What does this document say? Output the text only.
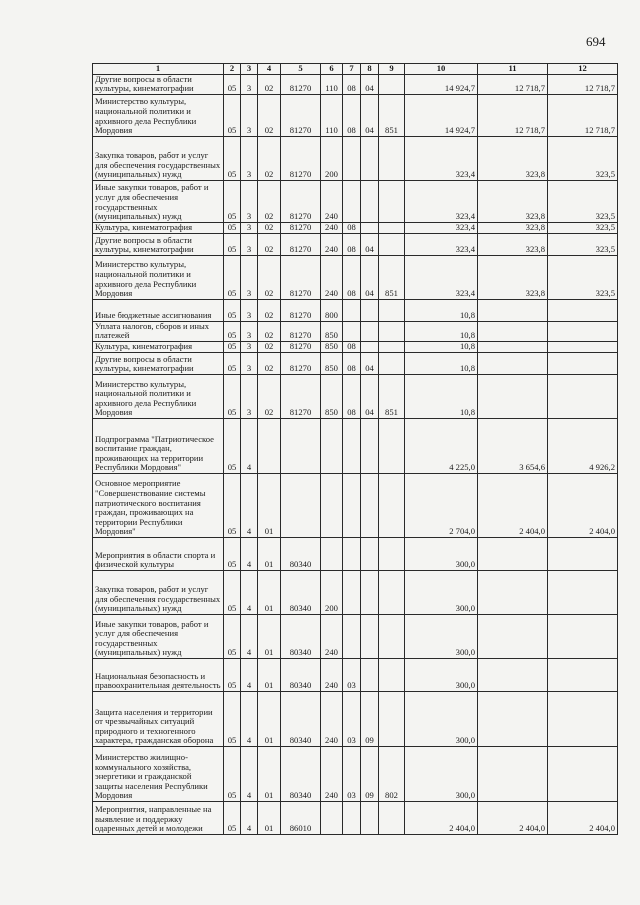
694
1	2	3	4	5	6	7	8	9	10	11	12
Другие вопросы в области культуры, кинематографии	05	3	02	81270	110	08	04		14 924,7	12 718,7	12 718,7
Министерство культуры, национальной политики и архивного дела Республики Мордовия	05	3	02	81270	110	08	04	851	14 924,7	12 718,7	12 718,7
Закупка товаров, работ и услуг для обеспечения государственных (муниципальных) нужд	05	3	02	81270	200				323,4	323,8	323,5
Иные закупки товаров, работ и услуг для обеспечения государственных (муниципальных) нужд	05	3	02	81270	240				323,4	323,8	323,5
Культура, кинематография	05	3	02	81270	240	08			323,4	323,8	323,5
Другие вопросы в области культуры, кинематографии	05	3	02	81270	240	08	04		323,4	323,8	323,5
Министерство культуры, национальной политики и архивного дела Республики Мордовия	05	3	02	81270	240	08	04	851	323,4	323,8	323,5
Иные бюджетные ассигнования	05	3	02	81270	800				10,8		
Уплата налогов, сборов и иных платежей	05	3	02	81270	850				10,8		
Культура, кинематография	05	3	02	81270	850	08			10,8		
Другие вопросы в области культуры, кинематографии	05	3	02	81270	850	08	04		10,8		
Министерство культуры, национальной политики и архивного дела Республики Мордовия	05	3	02	81270	850	08	04	851	10,8		
Подпрограмма "Патриотическое воспитание граждан, проживающих на территории Республики Мордовия"	05	4							4 225,0	3 654,6	4 926,2
Основное мероприятие "Совершенствование системы патриотического воспитания граждан, проживающих на территории Республики Мордовия"	05	4	01						2 704,0	2 404,0	2 404,0
Мероприятия в области спорта и физической культуры	05	4	01	80340					300,0		
Закупка товаров, работ и услуг для обеспечения государственных (муниципальных) нужд	05	4	01	80340	200				300,0		
Иные закупки товаров, работ и услуг для обеспечения государственных (муниципальных) нужд	05	4	01	80340	240				300,0		
Национальная безопасность и правоохранительная деятельность	05	4	01	80340	240	03			300,0		
Защита населения и территории от чрезвычайных ситуаций природного и техногенного характера, гражданская оборона	05	4	01	80340	240	03	09		300,0		
Министерство жилищно-коммунального хозяйства, энергетики и гражданской защиты населения Республики Мордовия	05	4	01	80340	240	03	09	802	300,0		
Мероприятия, направленные на выявление и поддержку одаренных детей и молодежи	05	4	01	86010					2 404,0	2 404,0	2 404,0
